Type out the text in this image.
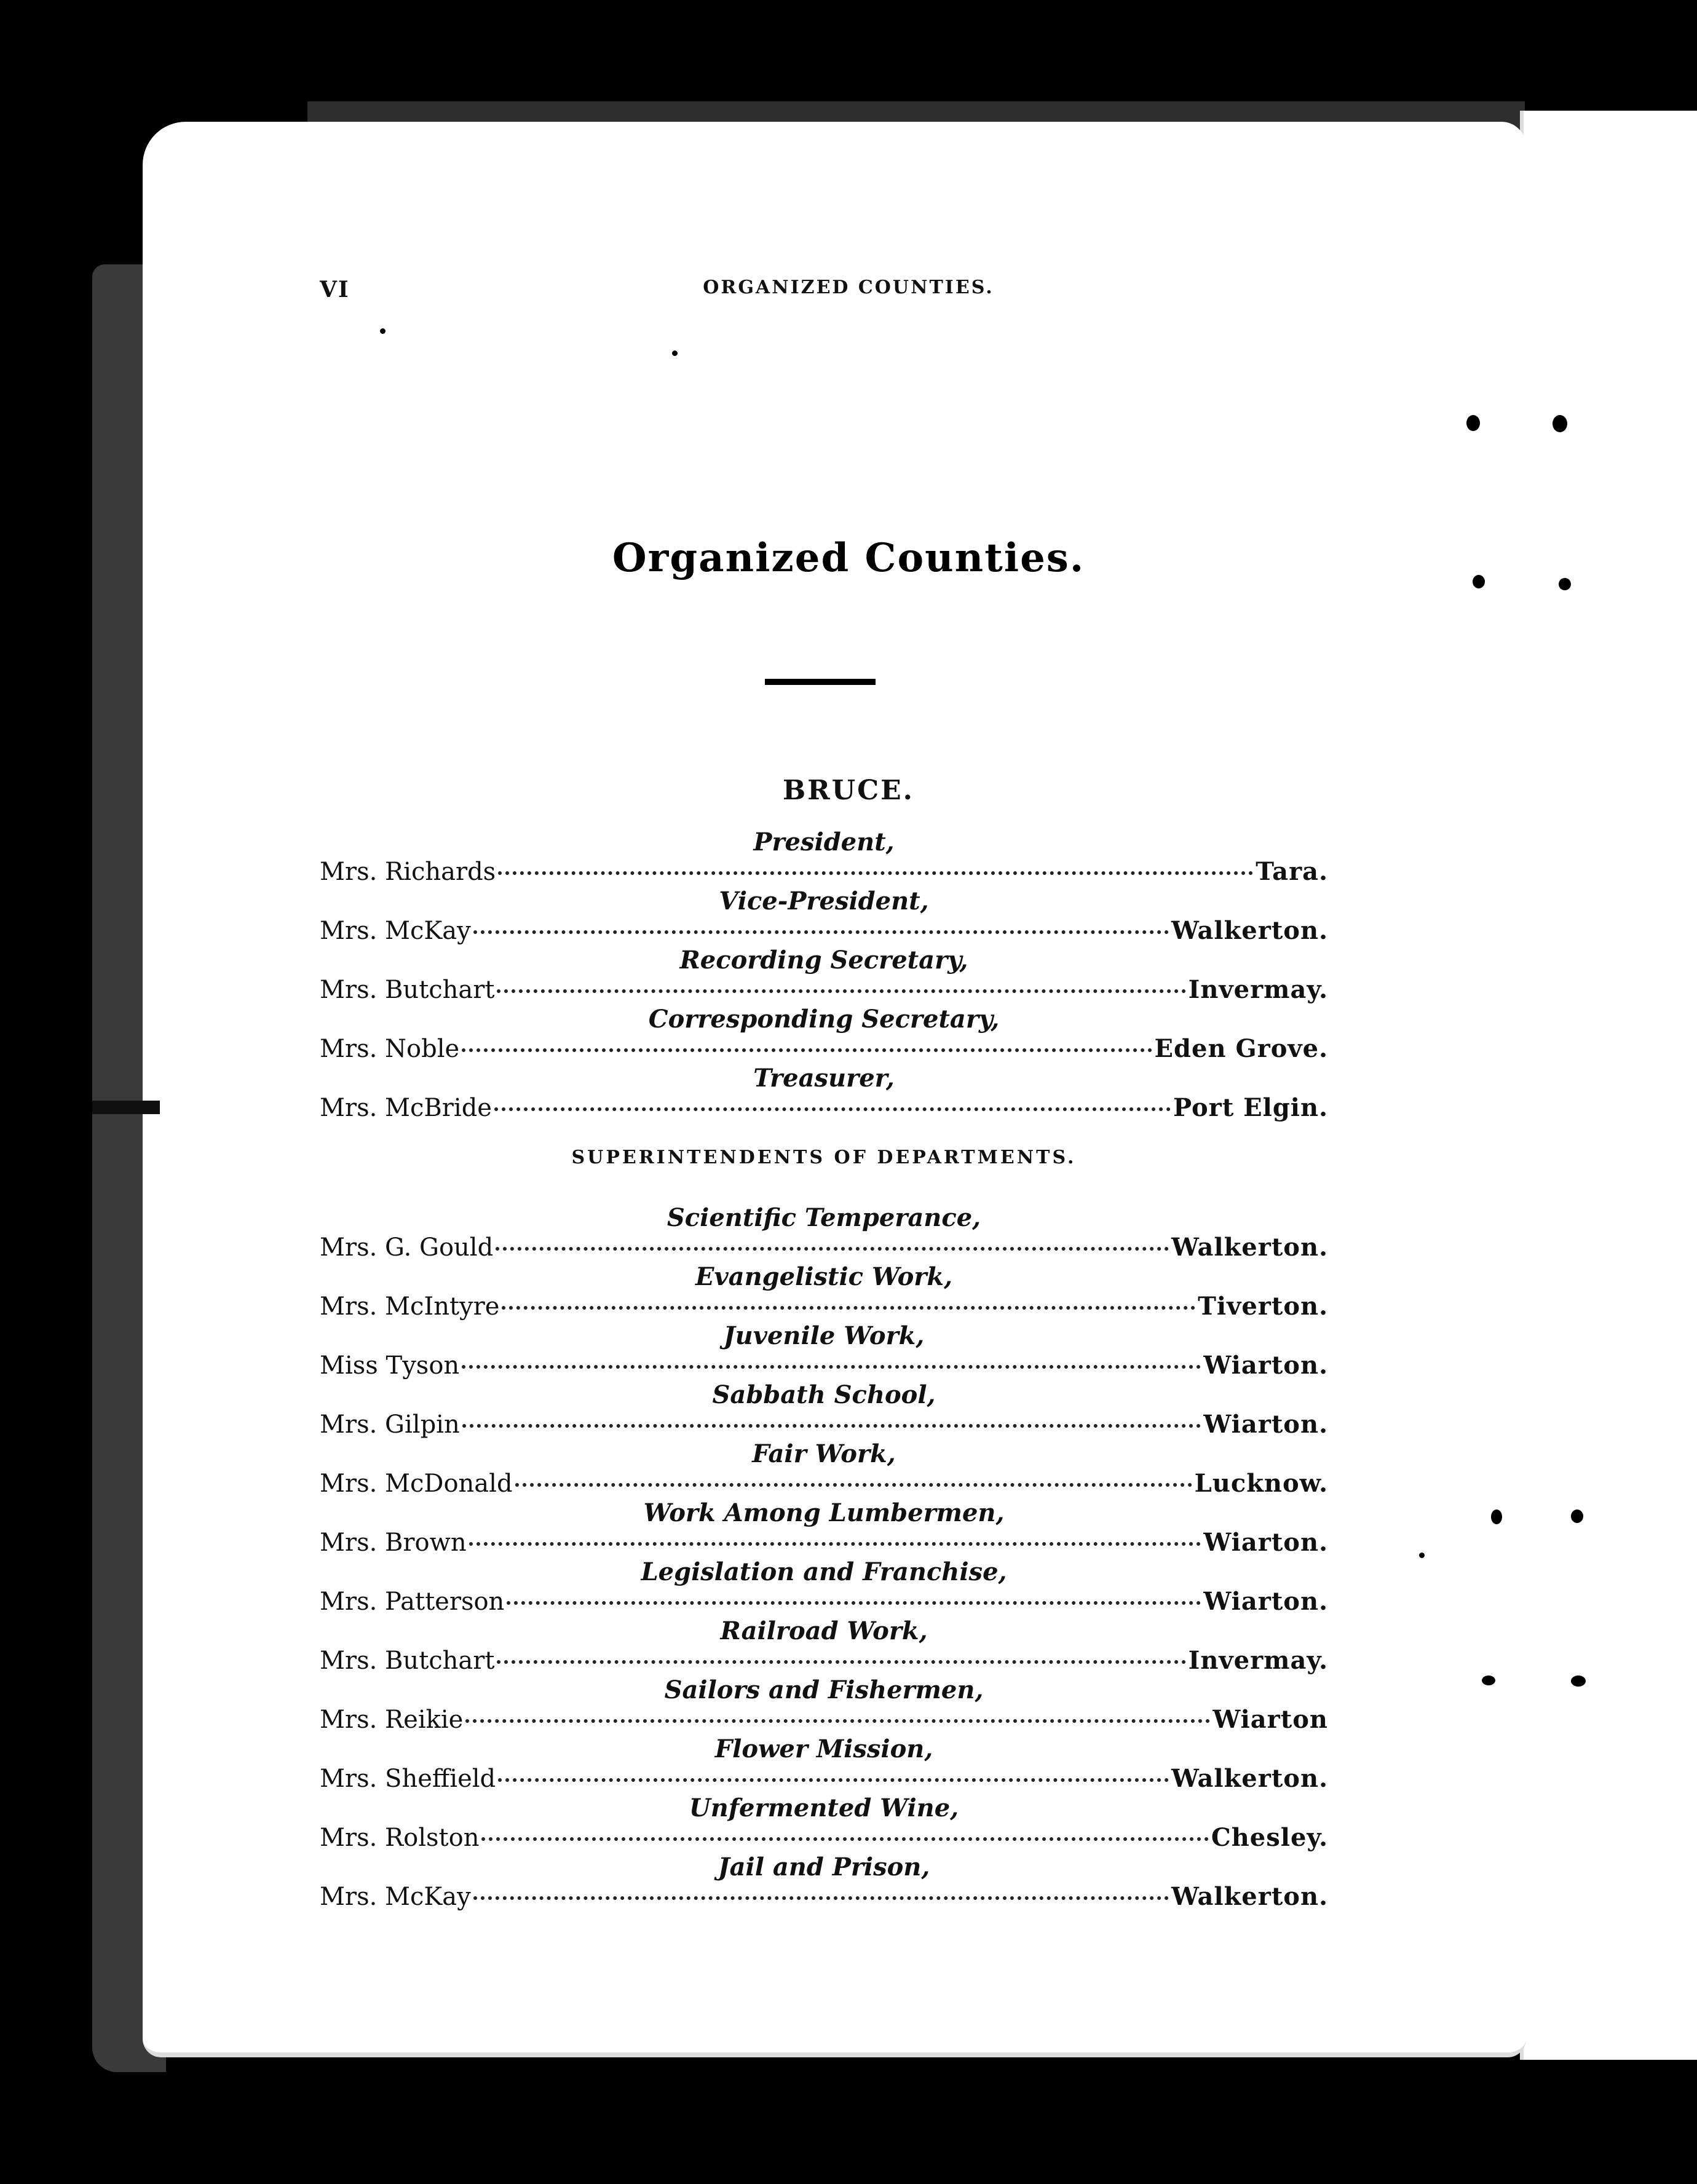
VI	ORGANIZED COUNTIES.
Organized Counties.
BRUCE.
President,
Mrs. Richards	Tara.
Vice-President,
Mrs. McKay	Walkerton.
Recording Secretary,
Mrs. Butchart	Invermay.
Corresponding Secretary,
Mrs. Noble	Eden Grove.
Treasurer,
Mrs. McBride	Port Elgin.
SUPERINTENDENTS OF DEPARTMENTS.
Scientific Temperance,
Mrs. G. Gould	Walkerton.
Evangelistic Work,
Mrs. McIntyre	Tiverton.
Juvenile Work,
Miss Tyson	Wiarton.
Sabbath School,
Mrs. Gilpin	Wiarton.
Fair Work,
Mrs. McDonald	Lucknow.
Work Among Lumbermen,
Mrs. Brown	Wiarton.
Legislation and Franchise,
Mrs. Patterson	Wiarton.
Railroad Work,
Mrs. Butchart	Invermay.
Sailors and Fishermen,
Mrs. Reikie	Wiarton
Flower Mission,
Mrs. Sheffield	Walkerton.
Unfermented Wine,
Mrs. Rolston	Chesley.
Jail and Prison,
Mrs. McKay	Walkerton.
